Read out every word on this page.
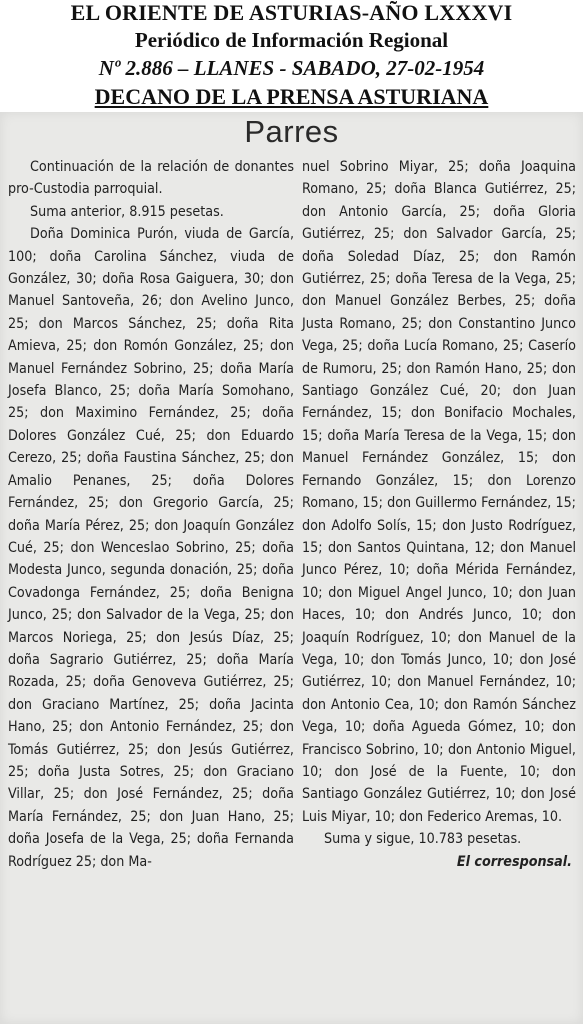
EL ORIENTE DE ASTURIAS-AÑO LXXXVI
Periódico de Información Regional
Nº 2.886 – LLANES - SABADO, 27-02-1954
DECANO DE LA PRENSA ASTURIANA
Parres

Continuación de la relación de donantes pro-Custodia parroquial.

Suma anterior, 8.915 pesetas.

Doña Dominica Purón, viuda de García, 100; doña Carolina Sánchez, viuda de González, 30; doña Rosa Gaiguera, 30; don Manuel Santoveña, 26; don Avelino Junco, 25; don Marcos Sánchez, 25; doña Rita Amieva, 25; don Romón González, 25; don Manuel Fernández Sobrino, 25; doña María Josefa Blanco, 25; doña María Somohano, 25; don Maximino Fernández, 25; doña Dolores González Cué, 25; don Eduardo Cerezo, 25; doña Faustina Sánchez, 25; don Amalio Penanes, 25; doña Dolores Fernández, 25; don Gregorio García, 25; doña María Pérez, 25; don Joaquín González Cué, 25; don Wenceslao Sobrino, 25; doña Modesta Junco, segunda donación, 25; doña Covadonga Fernández, 25; doña Benigna Junco, 25; don Salvador de la Vega, 25; don Marcos Noriega, 25; don Jesús Díaz, 25; doña Sagrario Gutiérrez, 25; doña María Rozada, 25; doña Genoveva Gutiérrez, 25; don Graciano Martínez, 25; doña Jacinta Hano, 25; don Antonio Fernández, 25; don Tomás Gutiérrez, 25; don Jesús Gutiérrez, 25; doña Justa Sotres, 25; don Graciano Villar, 25; don José Fernández, 25; doña María Fernández, 25; don Juan Hano, 25; doña Josefa de la Vega, 25; doña Fernanda Rodríguez 25; don Ma-

nuel Sobrino Miyar, 25; doña Joaquina Romano, 25; doña Blanca Gutiérrez, 25; don Antonio García, 25; doña Gloria Gutiérrez, 25; don Salvador García, 25; doña Soledad Díaz, 25; don Ramón Gutiérrez, 25; doña Teresa de la Vega, 25; don Manuel González Berbes, 25; doña Justa Romano, 25; don Constantino Junco Vega, 25; doña Lucía Romano, 25; Caserío de Rumoru, 25; don Ramón Hano, 25; don Santiago González Cué, 20; don Juan Fernández, 15; don Bonifacio Mochales, 15; doña María Teresa de la Vega, 15; don Manuel Fernández González, 15; don Fernando González, 15; don Lorenzo Romano, 15; don Guillermo Fernández, 15; don Adolfo Solís, 15; don Justo Rodríguez, 15; don Santos Quintana, 12; don Manuel Junco Pérez, 10; doña Mérida Fernández, 10; don Miguel Angel Junco, 10; don Juan Haces, 10; don Andrés Junco, 10; don Joaquín Rodríguez, 10; don Manuel de la Vega, 10; don Tomás Junco, 10; don José Gutiérrez, 10; don Manuel Fernández, 10; don Antonio Cea, 10; don Ramón Sánchez Vega, 10; doña Agueda Gómez, 10; don Francisco Sobrino, 10; don Antonio Miguel, 10; don José de la Fuente, 10; don Santiago González Gutiérrez, 10; don José Luis Miyar, 10; don Federico Aremas, 10.

Suma y sigue, 10.783 pesetas.

El corresponsal.
